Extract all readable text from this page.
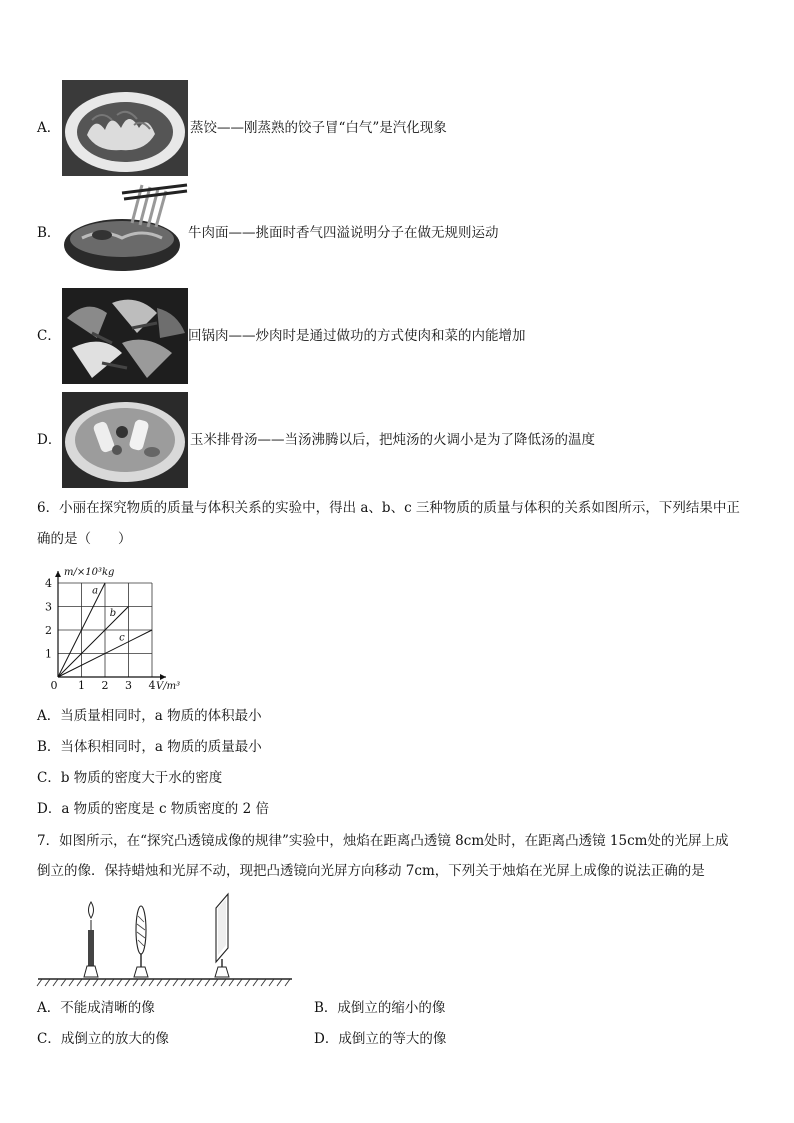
A．	蒸饺——刚蒸熟的饺子冒“白气”是汽化现象
B．	牛肉面——挑面时香气四溢说明分子在做无规则运动
C．	回锅肉——炒肉时是通过做功的方式使肉和菜的内能增加
D．	玉米排骨汤——当汤沸腾以后，把炖汤的火调小是为了降低汤的温度
6．小丽在探究物质的质量与体积关系的实验中，得出 a、b、c 三种物质的质量与体积的关系如图所示，下列结果中正
确的是（　　）
1 2 3 4
1
2
3
4
0
m/×10³kg
V/m³
a
b
c
A．当质量相同时，a 物质的体积最小
B．当体积相同时，a 物质的质量最小
C．b 物质的密度大于水的密度
D．a 物质的密度是 c 物质密度的 2 倍
7．如图所示，在“探究凸透镜成像的规律”实验中，烛焰在距离凸透镜 8cm处时，在距离凸透镜 15cm处的光屏上成
倒立的像．保持蜡烛和光屏不动，现把凸透镜向光屏方向移动 7cm，下列关于烛焰在光屏上成像的说法正确的是
A．不能成清晰的像	B．成倒立的缩小的像
C．成倒立的放大的像	D．成倒立的等大的像
